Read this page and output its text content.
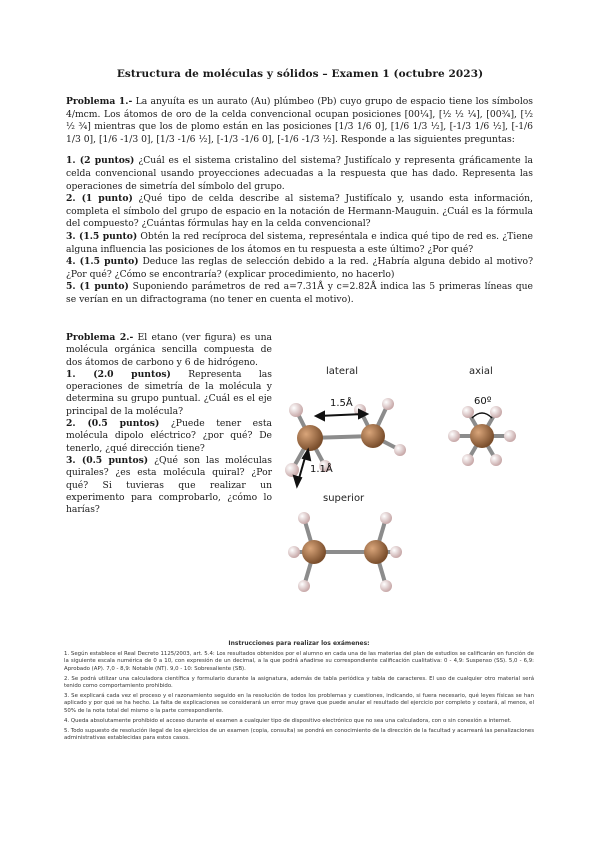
Estructura de moléculas y sólidos – Examen 1 (octubre 2023)
Problema 1.- La anyuíta es un aurato (Au) plúmbeo (Pb) cuyo grupo de espacio tiene los símbolos 4/mcm. Los átomos de oro de la celda convencional ocupan posiciones [00¼], [½ ½ ¼], [00¾], [½ ½ ¾] mientras que los de plomo están en las posiciones [1/3 1/6 0], [1/6 1/3 ½], [-1/3 1/6 ½], [-1/6 1/3 0], [1/6 -1/3 0], [1/3 -1/6 ½], [-1/3 -1/6 0], [-1/6 -1/3 ½]. Responde a las siguientes preguntas:
1. (2 puntos) ¿Cuál es el sistema cristalino del sistema? Justifícalo y representa gráficamente la celda convencional usando proyecciones adecuadas a la respuesta que has dado. Representa las operaciones de simetría del símbolo del grupo.
2. (1 punto) ¿Qué tipo de celda describe al sistema? Justifícalo y, usando esta información, completa el símbolo del grupo de espacio en la notación de Hermann-Mauguin. ¿Cuál es la fórmula del compuesto? ¿Cuántas fórmulas hay en la celda convencional?
3. (1.5 punto) Obtén la red recíproca del sistema, represéntala e indica qué tipo de red es. ¿Tiene alguna influencia las posiciones de los átomos en tu respuesta a este último? ¿Por qué?
4. (1.5 punto) Deduce las reglas de selección debido a la red. ¿Habría alguna debido al motivo? ¿Por qué? ¿Cómo se encontraría? (explicar procedimiento, no hacerlo)
5. (1 punto) Suponiendo parámetros de red a=7.31Å y c=2.82Å indica las 5 primeras líneas que se verían en un difractograma (no tener en cuenta el motivo).
Problema 2.- El etano (ver figura) es una molécula orgánica sencilla compuesta de dos átomos de carbono y 6 de hidrógeno.
1. (2.0 puntos) Representa las operaciones de simetría de la molécula y determina su grupo puntual. ¿Cuál es el eje principal de la molécula?
2. (0.5 puntos) ¿Puede tener esta molécula dipolo eléctrico? ¿por qué? De tenerlo, ¿qué dirección tiene?
3. (0.5 puntos) ¿Qué son las moléculas quirales? ¿es esta molécula quiral? ¿Por qué? Si tuvieras que realizar un experimento para comprobarlo, ¿cómo lo harías?
lateral	axial
superior
1.5Å
1.1Å
60º
Instrucciones para realizar los exámenes:

1. Según establece el Real Decreto 1125/2003, art. 5.4: Los resultados obtenidos por el alumno en cada una de las materias del plan de estudios se calificarán en función de la siguiente escala numérica de 0 a 10, con expresión de un decimal, a la que podrá añadirse su correspondiente calificación cualitativa: 0 - 4,9: Suspenso (SS). 5,0 - 6,9: Aprobado (AP). 7,0 - 8,9: Notable (NT). 9,0 - 10: Sobresaliente (SB).

2. Se podrá utilizar una calculadora científica y formulario durante la asignatura, además de tabla periódica y tabla de caracteres. El uso de cualquier otro material será tenido como comportamiento prohibido.

3. Se explicará cada vez el proceso y el razonamiento seguido en la resolución de todos los problemas y cuestiones, indicando, si fuera necesario, qué leyes físicas se han aplicado y por qué se ha hecho. La falta de explicaciones se considerará un error muy grave que puede anular el resultado del ejercicio por completo y costará, al menos, el 50% de la nota total del mismo o la parte correspondiente.

4. Queda absolutamente prohibido el acceso durante el examen a cualquier tipo de dispositivo electrónico que no sea una calculadora, con o sin conexión a internet.

5. Todo supuesto de resolución ilegal de los ejercicios de un examen (copia, consulta) se pondrá en conocimiento de la dirección de la facultad y acarreará las penalizaciones administrativas establecidas para estos casos.
